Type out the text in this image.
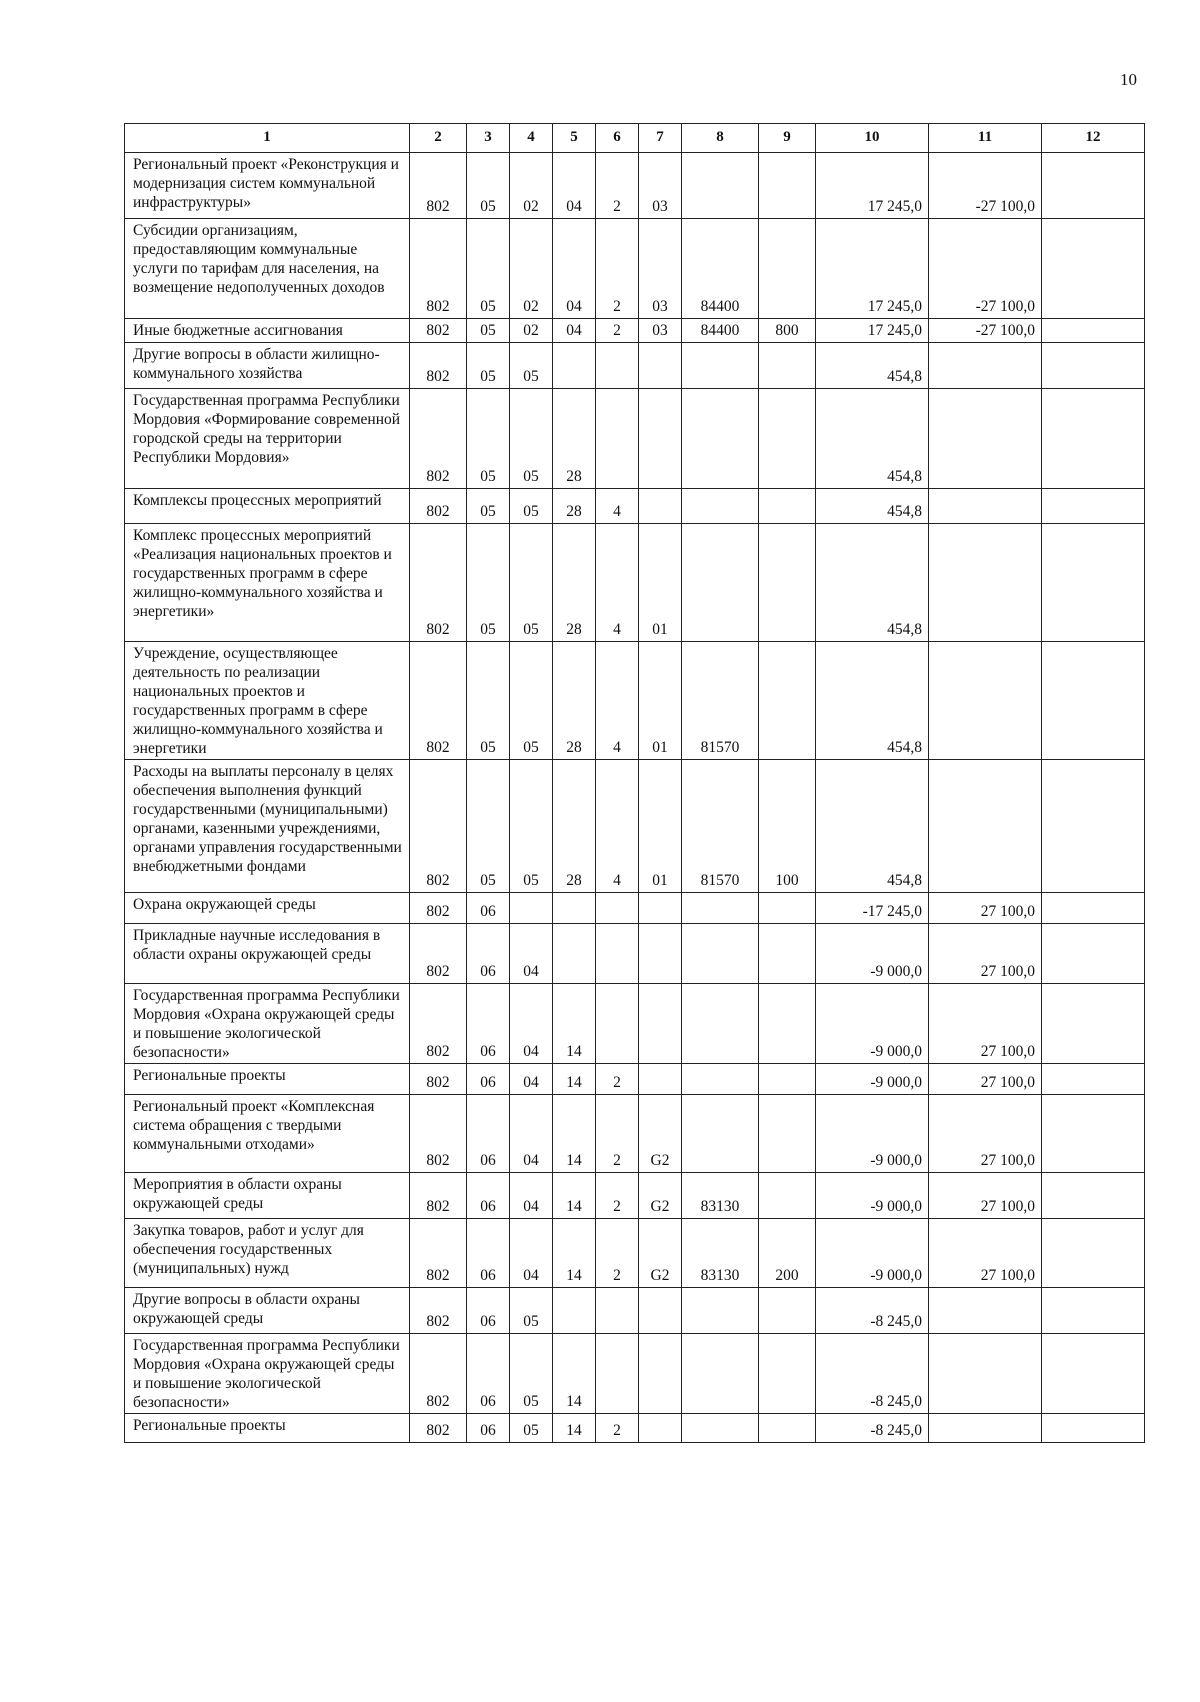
10
1	2	3	4	5	6	7	8	9	10	11	12
Региональный проект «Реконструкция и модернизация систем коммунальной инфраструктуры»	802	05	02	04	2	03			17 245,0	-27 100,0	
Субсидии организациям, предоставляющим коммунальные услуги по тарифам для населения, на возмещение недополученных доходов	802	05	02	04	2	03	84400		17 245,0	-27 100,0	
Иные бюджетные ассигнования	802	05	02	04	2	03	84400	800	17 245,0	-27 100,0	
Другие вопросы в области жилищно-коммунального хозяйства	802	05	05						454,8		
Государственная программа Республики Мордовия «Формирование современной городской среды на территории Республики Мордовия»	802	05	05	28					454,8		
Комплексы процессных мероприятий	802	05	05	28	4				454,8		
Комплекс процессных мероприятий «Реализация национальных проектов и государственных программ в сфере жилищно-коммунального хозяйства и энергетики»	802	05	05	28	4	01			454,8		
Учреждение, осуществляющее деятельность по реализации национальных проектов и государственных программ в сфере жилищно-коммунального хозяйства и энергетики	802	05	05	28	4	01	81570		454,8		
Расходы на выплаты персоналу в целях обеспечения выполнения функций государственными (муниципальными) органами, казенными учреждениями, органами управления государственными внебюджетными фондами	802	05	05	28	4	01	81570	100	454,8		
Охрана окружающей среды	802	06							-17 245,0	27 100,0	
Прикладные научные исследования в области охраны окружающей среды	802	06	04						-9 000,0	27 100,0	
Государственная программа Республики Мордовия «Охрана окружающей среды и повышение экологической безопасности»	802	06	04	14					-9 000,0	27 100,0	
Региональные проекты	802	06	04	14	2				-9 000,0	27 100,0	
Региональный проект «Комплексная система обращения с твердыми коммунальными отходами»	802	06	04	14	2	G2			-9 000,0	27 100,0	
Мероприятия в области охраны окружающей среды	802	06	04	14	2	G2	83130		-9 000,0	27 100,0	
Закупка товаров, работ и услуг для обеспечения государственных (муниципальных) нужд	802	06	04	14	2	G2	83130	200	-9 000,0	27 100,0	
Другие вопросы в области охраны окружающей среды	802	06	05						-8 245,0		
Государственная программа Республики Мордовия «Охрана окружающей среды и повышение экологической безопасности»	802	06	05	14					-8 245,0		
Региональные проекты	802	06	05	14	2				-8 245,0		
